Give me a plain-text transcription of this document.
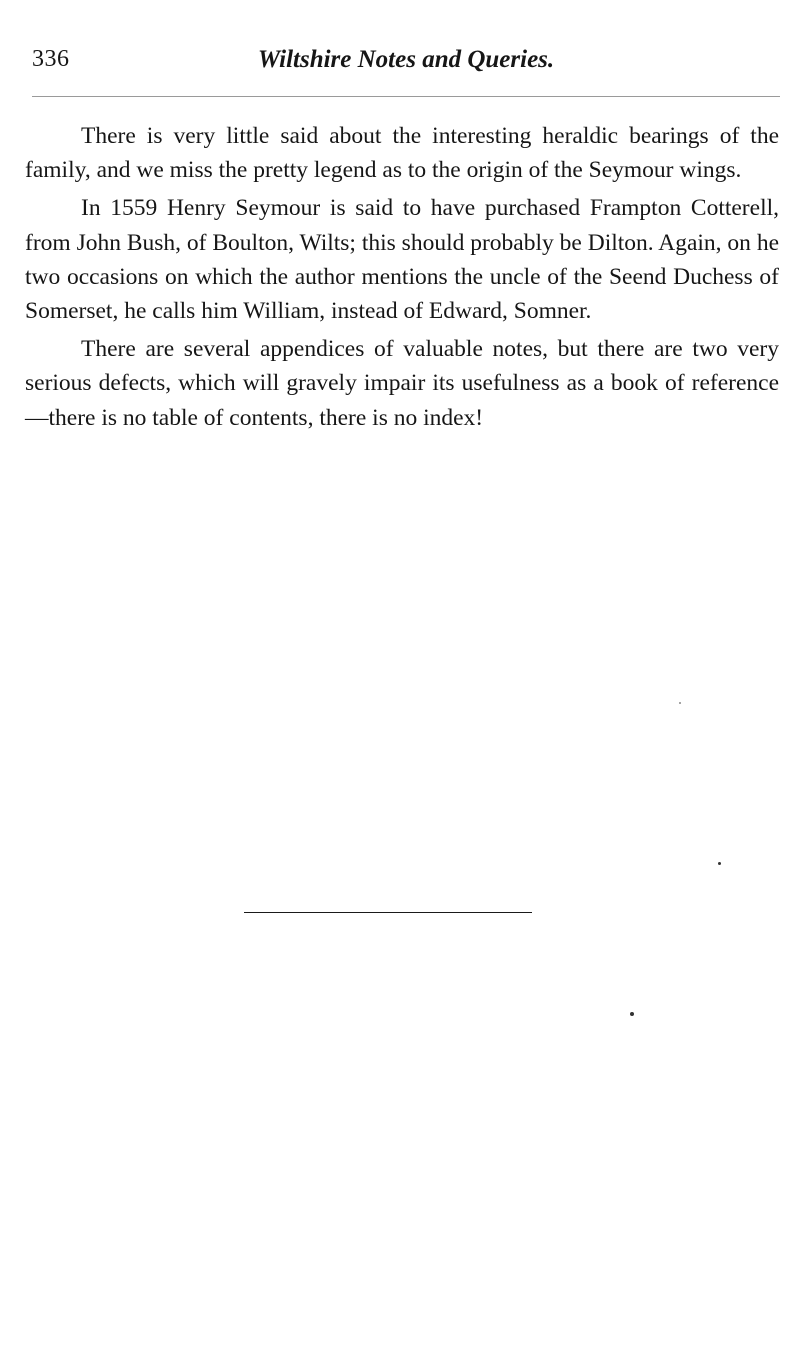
336	Wiltshire Notes and Queries.

There is very little said about the interesting heraldic bearings of the family, and we miss the pretty legend as to the origin of the Seymour wings.

In 1559 Henry Seymour is said to have purchased Frampton Cotterell, from John Bush, of Boulton, Wilts; this should probably be Dilton. Again, on he two occasions on which the author mentions the uncle of the Seend Duchess of Somerset, he calls him William, instead of Edward, Somner.

There are several appendices of valuable notes, but there are two very serious defects, which will gravely impair its usefulness as a book of reference—there is no table of contents, there is no index!
